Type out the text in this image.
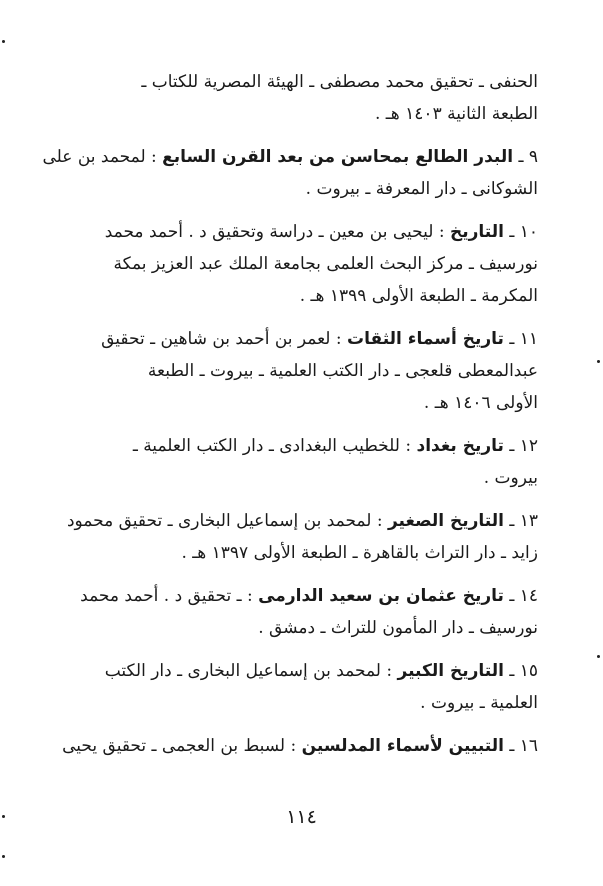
الحنفى ـ تحقيق محمد مصطفى ـ الهيئة المصرية للكتاب ـ
الطبعة الثانية ١٤٠٣ هـ .
٩ ـ البدر الطالع بمحاسن من بعد القرن السابع : لمحمد بن على
الشوكانى ـ دار المعرفة ـ بيروت .
١٠ ـ التاريخ : ليحيى بن معين ـ دراسة وتحقيق د . أحمد محمد
نورسيف ـ مركز البحث العلمى بجامعة الملك عبد العزيز بمكة
المكرمة ـ الطبعة الأولى ١٣٩٩ هـ .
١١ ـ تاريخ أسماء الثقات : لعمر بن أحمد بن شاهين ـ تحقيق
عبدالمعطى قلعجى ـ دار الكتب العلمية ـ بيروت ـ الطبعة
الأولى ١٤٠٦ هـ .
١٢ ـ تاريخ بغداد : للخطيب البغدادى ـ دار الكتب العلمية ـ
بيروت .
١٣ ـ التاريخ الصغير : لمحمد بن إسماعيل البخارى ـ تحقيق محمود
زايد ـ دار التراث بالقاهرة ـ الطبعة الأولى ١٣٩٧ هـ .
١٤ ـ تاريخ عثمان بن سعيد الدارمى : ـ تحقيق د . أحمد محمد
نورسيف ـ دار المأمون للتراث ـ دمشق .
١٥ ـ التاريخ الكبير : لمحمد بن إسماعيل البخارى ـ دار الكتب
العلمية ـ بيروت .
١٦ ـ التبيين لأسماء المدلسين : لسبط بن العجمى ـ تحقيق يحيى
١١٤
